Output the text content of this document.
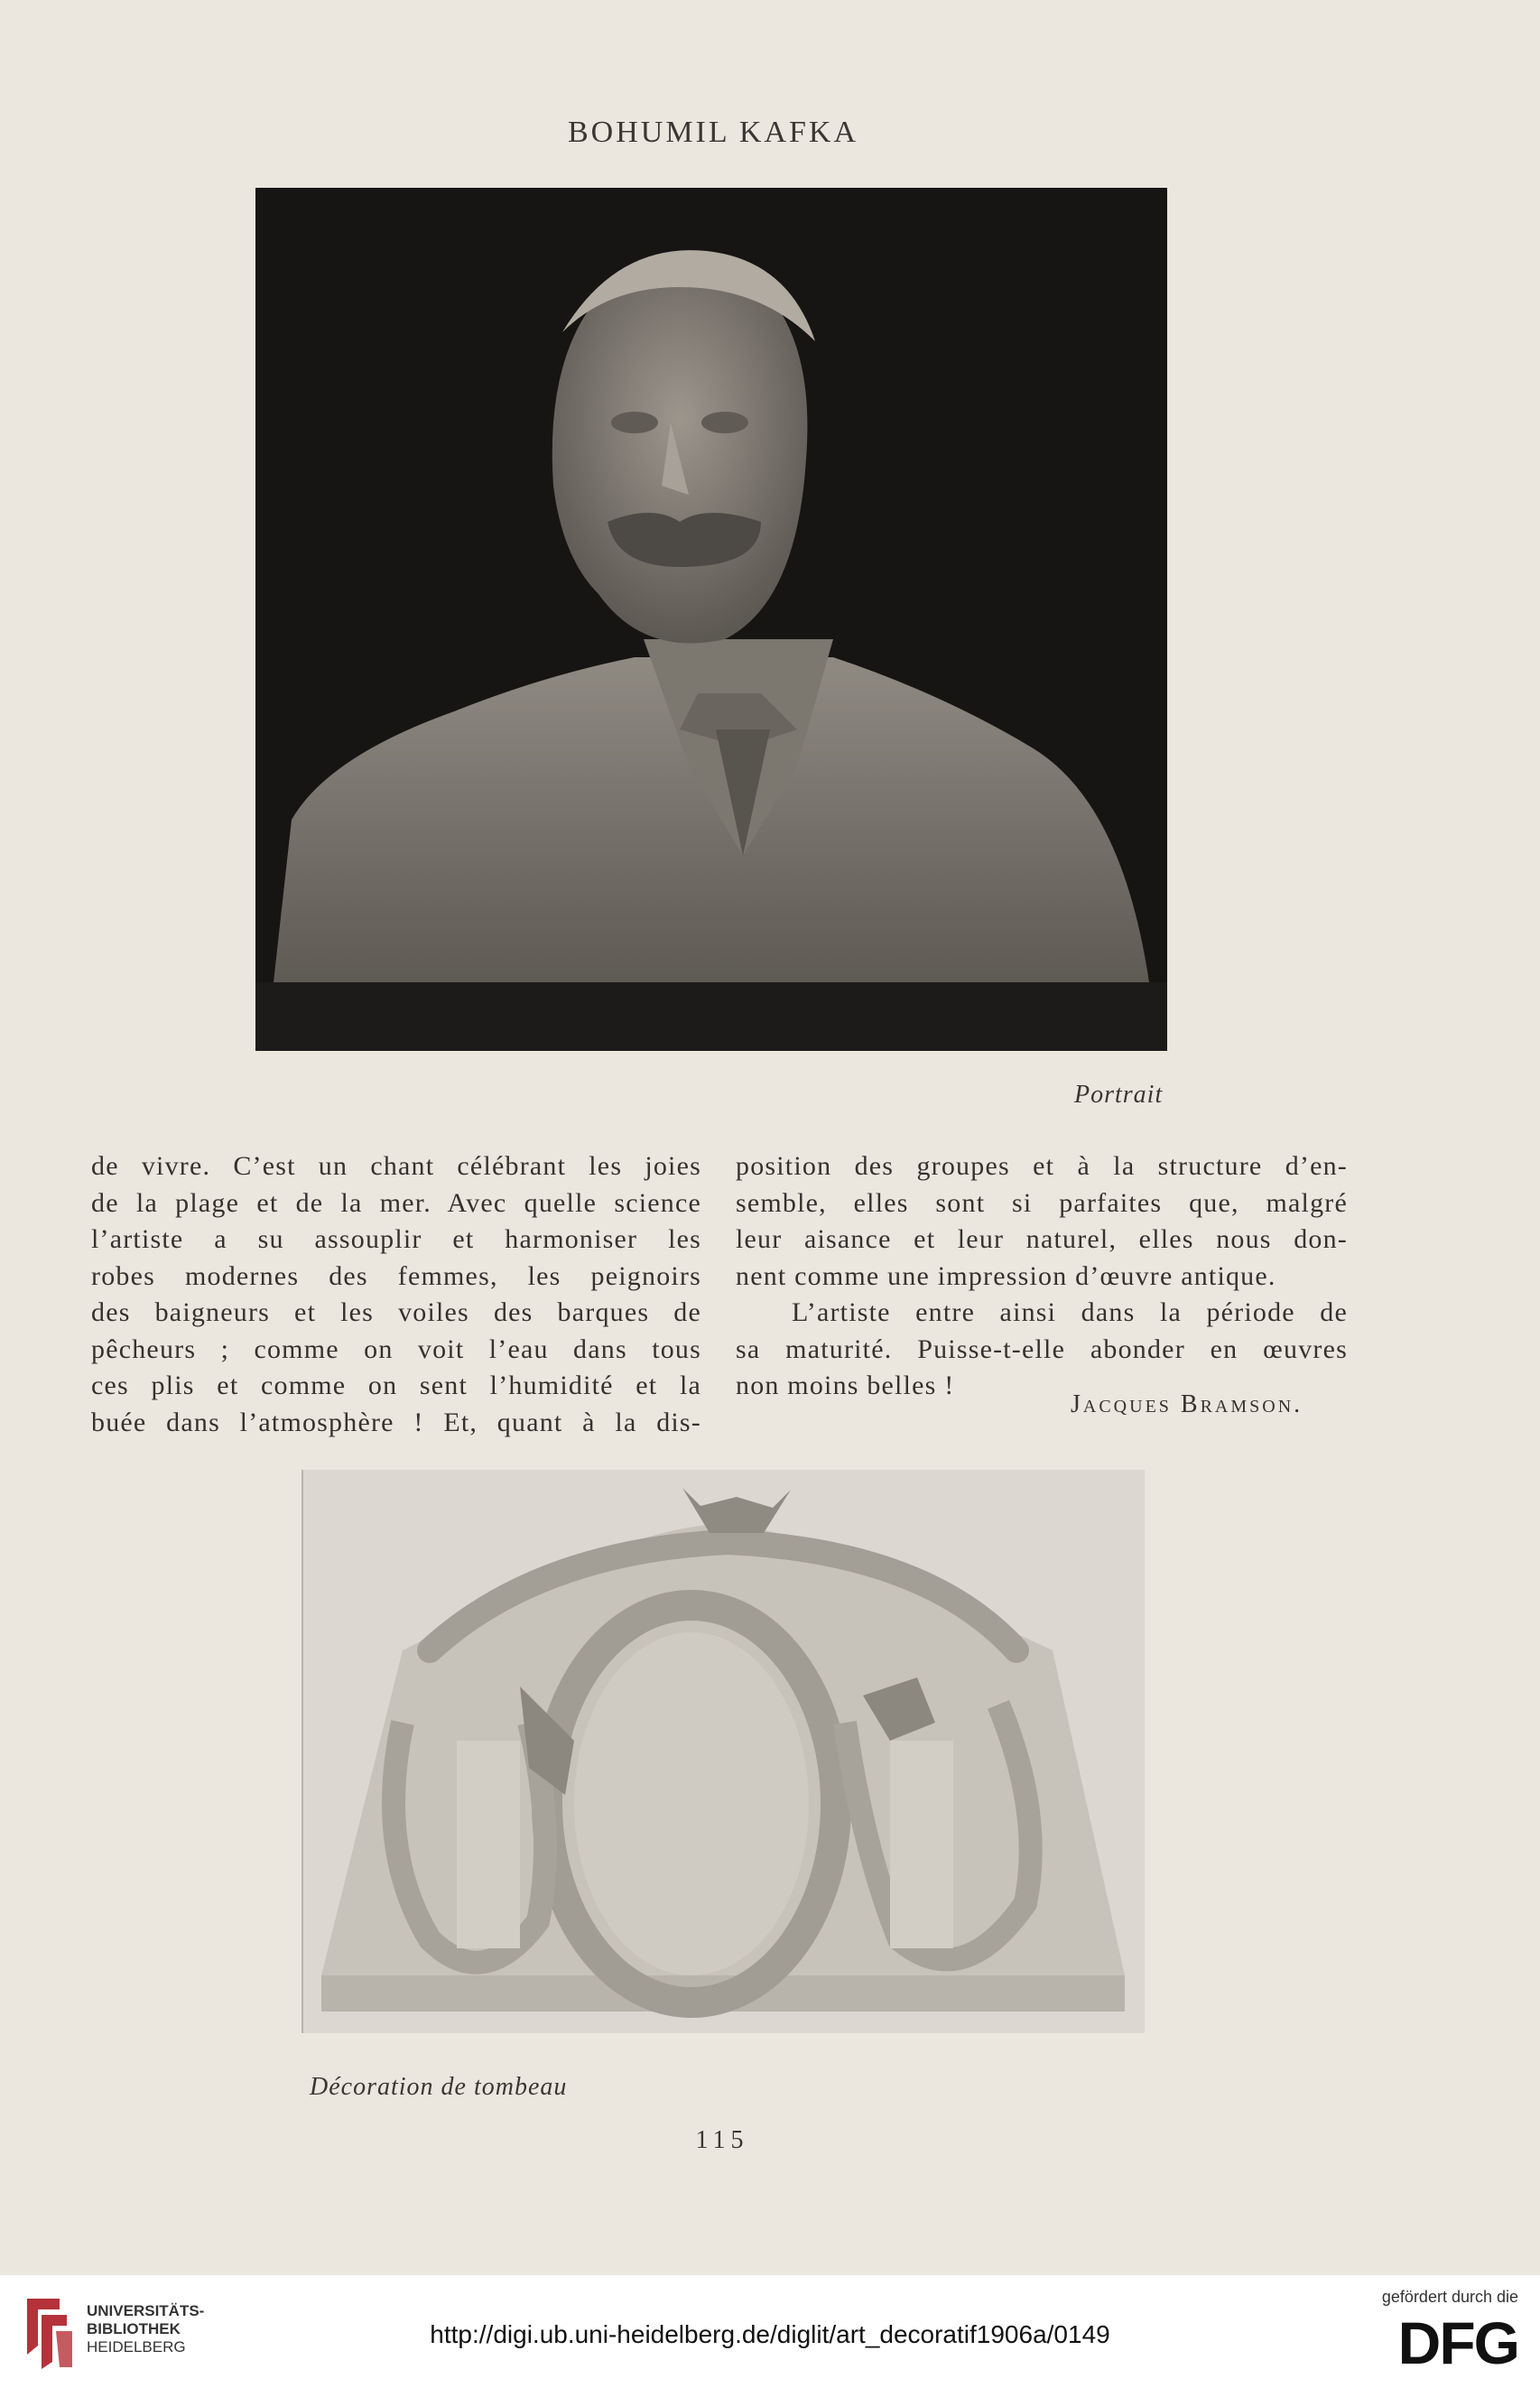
BOHUMIL KAFKA
Portrait

de vivre. C’est un chant célébrant les joies

de la plage et de la mer. Avec quelle science

l’artiste a su assouplir et harmoniser les

robes modernes des femmes, les peignoirs

des baigneurs et les voiles des barques de

pêcheurs ; comme on voit l’eau dans tous

ces plis et comme on sent l’humidité et la

buée dans l’atmosphère ! Et, quant à la dis-

position des groupes et à la structure d’en-

semble, elles sont si parfaites que, malgré

leur aisance et leur naturel, elles nous don-

nent comme une impression d’œuvre antique.

L’artiste entre ainsi dans la période de

sa maturité. Puisse-t-elle abonder en œuvres

non moins belles !

Jacques Bramson.
Décoration de tombeau
115
UNIVERSITÄTS-
BIBLIOTHEK
HEIDELBERG	http://digi.ub.uni-heidelberg.de/diglit/art_decoratif1906a/0149
gefördert durch die
DFG
